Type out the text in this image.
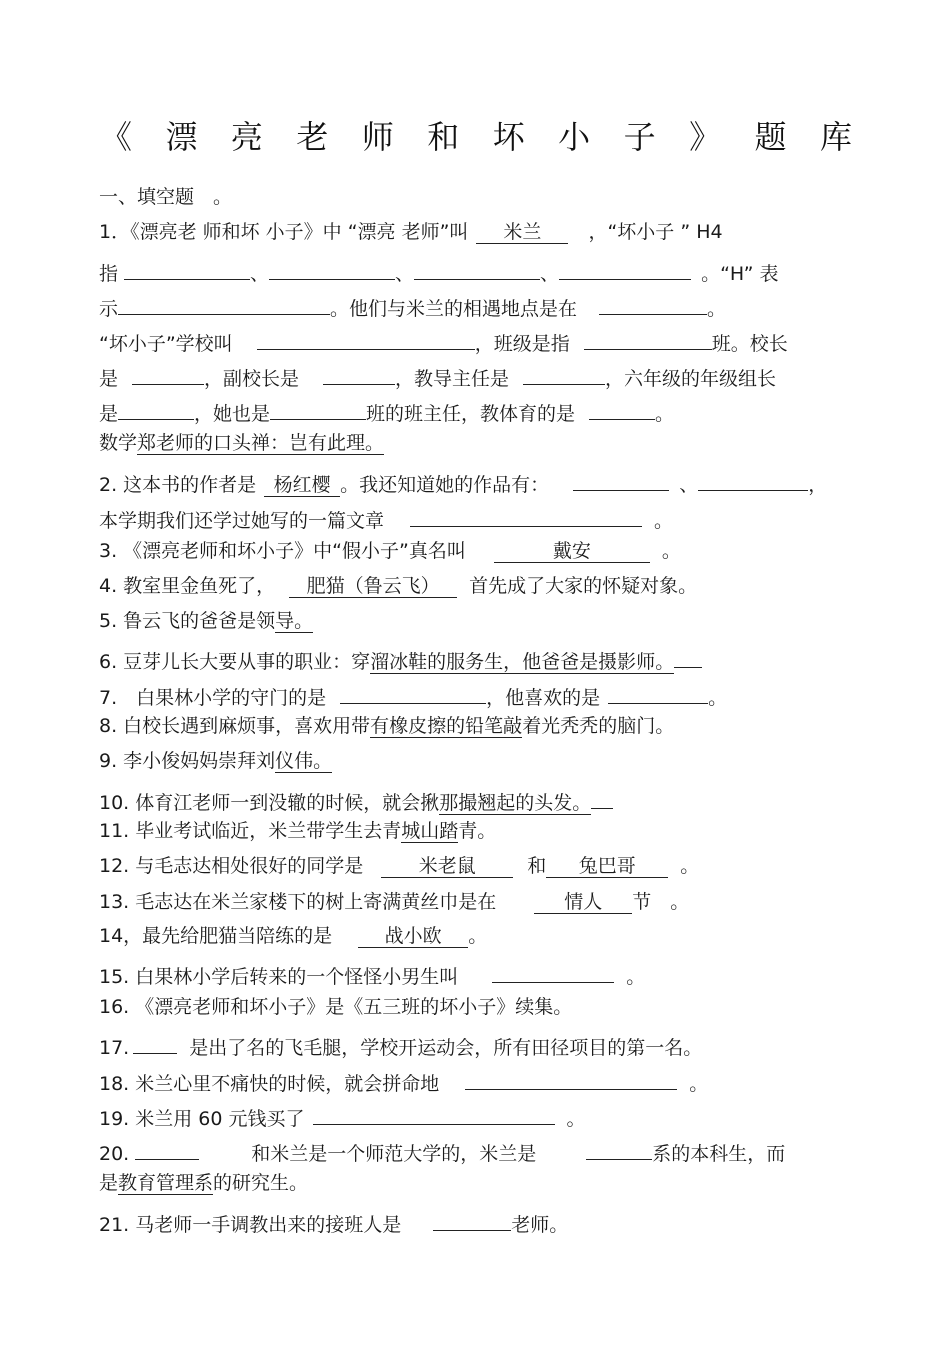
《 漂 亮 老 师 和 坏 小 子 》 题 库
一、填空题　。
1．《漂亮老 师和坏 小子》中 “漂亮 老师”叫 米兰 ，“坏小子 ” H4
指	、	、	、	。“H” 表
示	。他们与米兰的相遇地点是在	。
“坏小子”学校叫	，班级是指	班。校长
是	，副校长是	，教导主任是	，六年级的年级组长
是	，她也是	班的班主任，教体育的是	。
数学郑老师的口头禅：岂有此理。
2. 这本书的作者是 杨红樱 。我还知道她的作品有：	、	，
本学期我们还学过她写的一篇文章	。
3. 《漂亮老师和坏小子》中“假小子”真名叫	戴安	。
4. 教室里金鱼死了， 肥猫（鲁云飞） 首先成了大家的怀疑对象。
5. 鲁云飞的爸爸是领导。
6. 豆芽儿长大要从事的职业：穿溜冰鞋的服务生，他爸爸是摄影师。
7.　白果林小学的守门的是	，他喜欢的是	。
8. 白校长遇到麻烦事，喜欢用带有橡皮擦的铅笔敲着光秃秃的脑门。
9. 李小俊妈妈崇拜刘仪伟。
10. 体育江老师一到没辙的时候，就会揪那撮翘起的头发。
11. 毕业考试临近，米兰带学生去青城山踏青。
12. 与毛志达相处很好的同学是	米老鼠	和 兔巴哥 。
13. 毛志达在米兰家楼下的树上寄满黄丝巾是在	情人 节　。
14，最先给肥猫当陪练的是	战小欧 。
15. 白果林小学后转来的一个怪怪小男生叫	。
16. 《漂亮老师和坏小子》是《五三班的坏小子》续集。
17.	是出了名的飞毛腿，学校开运动会，所有田径项目的第一名。
18. 米兰心里不痛快的时候，就会拼命地	。
19. 米兰用 60 元钱买了	。
20.	和米兰是一个师范大学的，米兰是	系的本科生，而
是教育管理系的研究生。
21. 马老师一手调教出来的接班人是	老师。
